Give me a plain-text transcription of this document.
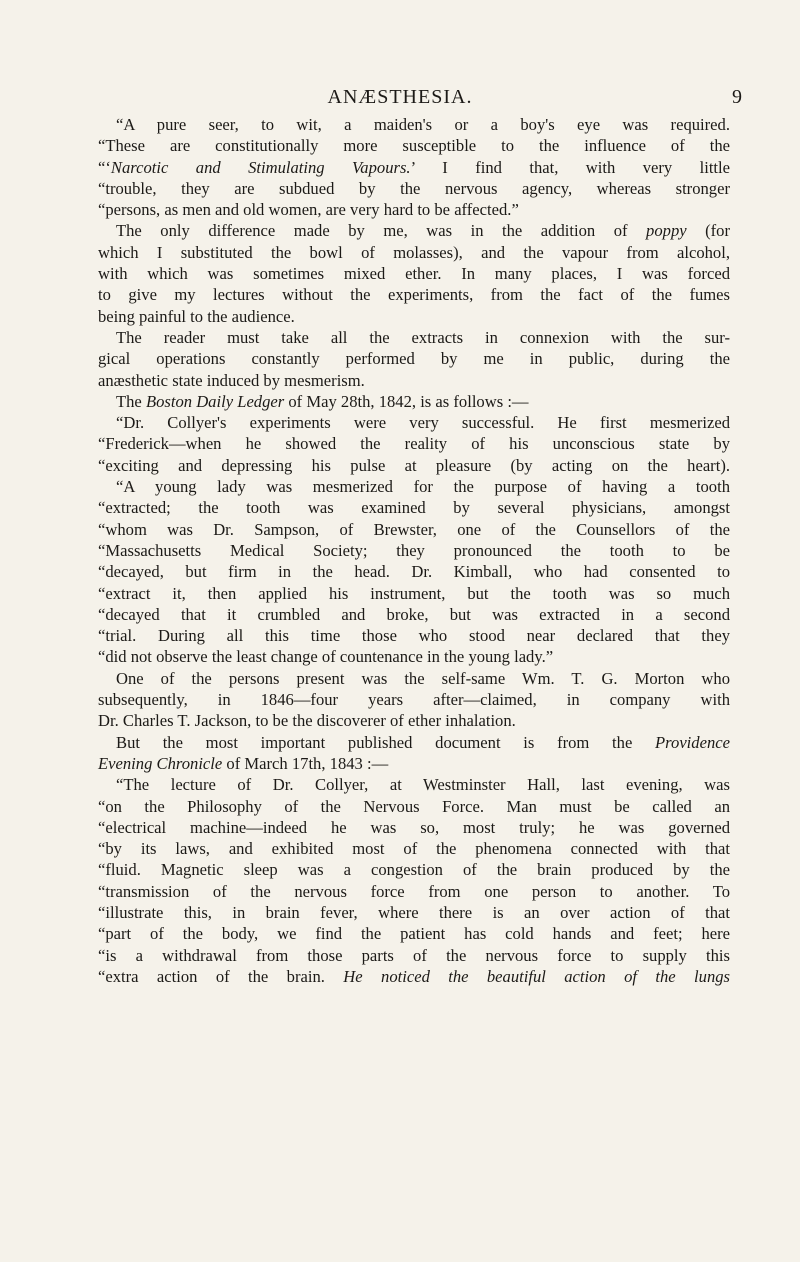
ANÆSTHESIA.	9
“A pure seer, to wit, a maiden's or a boy's eye was required.
“These are constitutionally more susceptible to the influence of the
“‘Narcotic and Stimulating Vapours.’ I find that, with very little
“trouble, they are subdued by the nervous agency, whereas stronger
“persons, as men and old women, are very hard to be affected.”
The only difference made by me, was in the addition of poppy (for
which I substituted the bowl of molasses), and the vapour from alcohol,
with which was sometimes mixed ether. In many places, I was forced
to give my lectures without the experiments, from the fact of the fumes
being painful to the audience.
The reader must take all the extracts in connexion with the sur-
gical operations constantly performed by me in public, during the
anæsthetic state induced by mesmerism.
The Boston Daily Ledger of May 28th, 1842, is as follows :—
“Dr. Collyer's experiments were very successful. He first mesmerized
“Frederick—when he showed the reality of his unconscious state by
“exciting and depressing his pulse at pleasure (by acting on the heart).
“A young lady was mesmerized for the purpose of having a tooth
“extracted; the tooth was examined by several physicians, amongst
“whom was Dr. Sampson, of Brewster, one of the Counsellors of the
“Massachusetts Medical Society; they pronounced the tooth to be
“decayed, but firm in the head. Dr. Kimball, who had consented to
“extract it, then applied his instrument, but the tooth was so much
“decayed that it crumbled and broke, but was extracted in a second
“trial. During all this time those who stood near declared that they
“did not observe the least change of countenance in the young lady.”
One of the persons present was the self-same Wm. T. G. Morton who
subsequently, in 1846—four years after—claimed, in company with
Dr. Charles T. Jackson, to be the discoverer of ether inhalation.
But the most important published document is from the Providence
Evening Chronicle of March 17th, 1843 :—
“The lecture of Dr. Collyer, at Westminster Hall, last evening, was
“on the Philosophy of the Nervous Force. Man must be called an
“electrical machine—indeed he was so, most truly; he was governed
“by its laws, and exhibited most of the phenomena connected with that
“fluid. Magnetic sleep was a congestion of the brain produced by the
“transmission of the nervous force from one person to another. To
“illustrate this, in brain fever, where there is an over action of that
“part of the body, we find the patient has cold hands and feet; here
“is a withdrawal from those parts of the nervous force to supply this
“extra action of the brain. He noticed the beautiful action of the lungs
